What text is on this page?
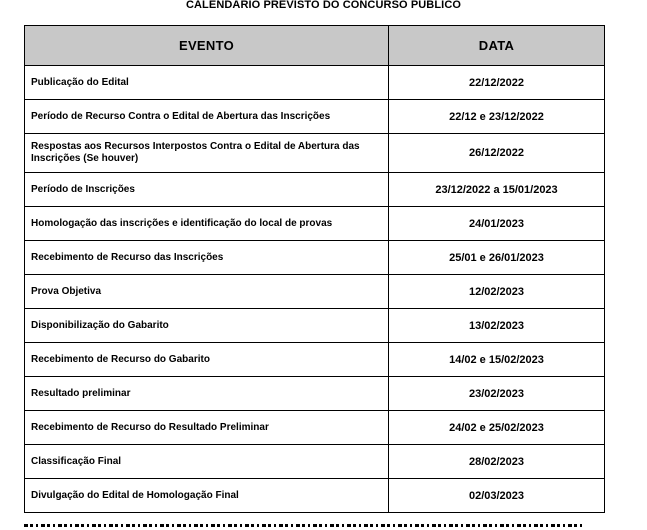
CALENDÁRIO PREVISTO DO CONCURSO PÚBLICO
EVENTO	DATA
Publicação do Edital	22/12/2022
Período de Recurso Contra o Edital de Abertura das Inscrições	22/12 e 23/12/2022
Respostas aos Recursos Interpostos Contra o Edital de Abertura das Inscrições (Se houver)	26/12/2022
Período de Inscrições	23/12/2022 a 15/01/2023
Homologação das inscrições e identificação do local de provas	24/01/2023
Recebimento de Recurso das Inscrições	25/01 e 26/01/2023
Prova Objetiva	12/02/2023
Disponibilização do Gabarito	13/02/2023
Recebimento de Recurso do Gabarito	14/02 e 15/02/2023
Resultado preliminar	23/02/2023
Recebimento de Recurso do Resultado Preliminar	24/02 e 25/02/2023
Classificação Final	28/02/2023
Divulgação do Edital de Homologação Final	02/03/2023
